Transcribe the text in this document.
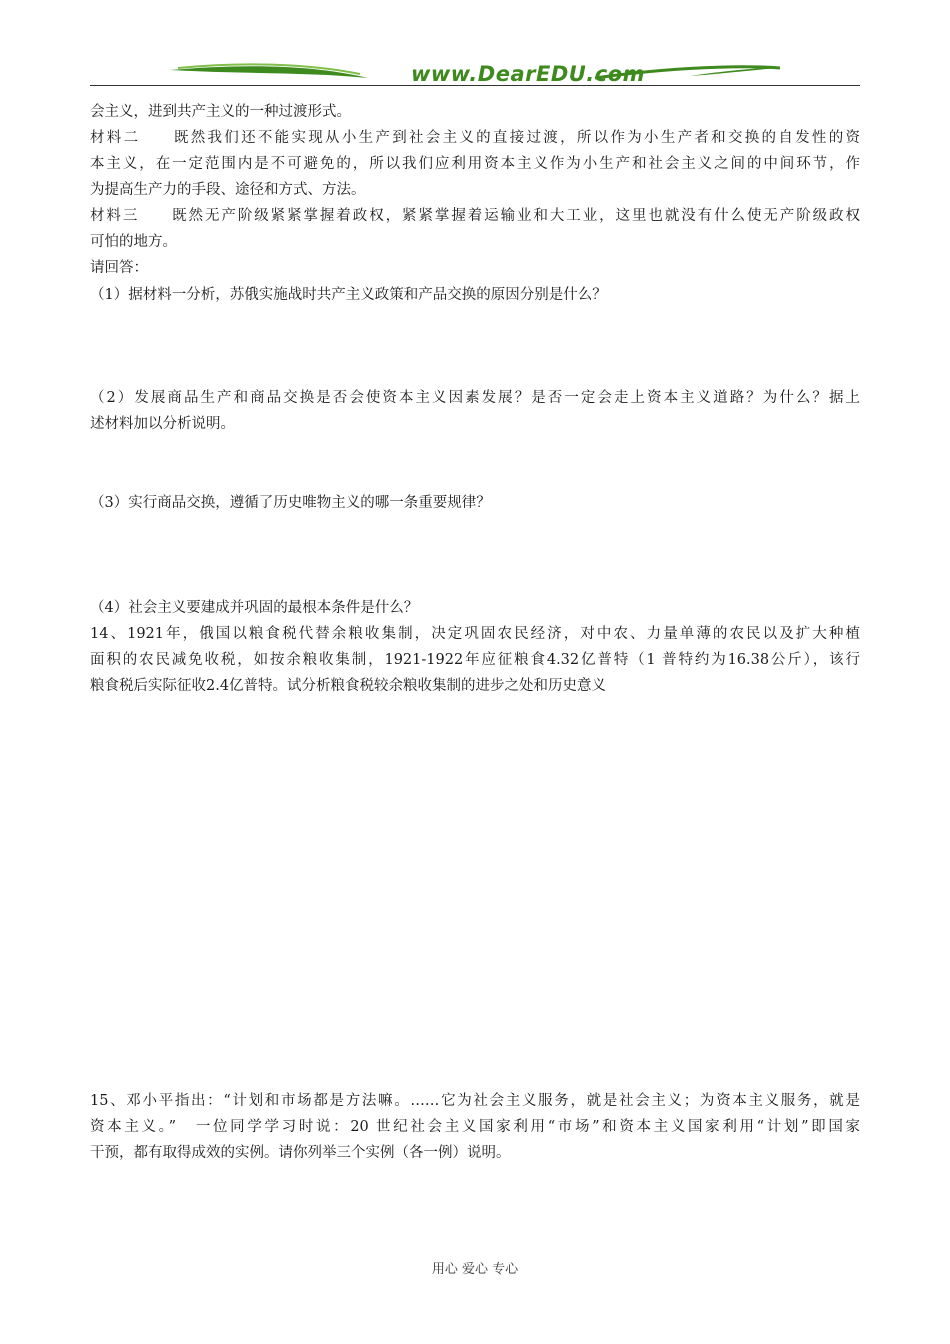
www.DearEDU.com
会主义，进到共产主义的一种过渡形式。
材料二　　既然我们还不能实现从小生产到社会主义的直接过渡，所以作为小生产者和交换的自发性的资
本主义，在一定范围内是不可避免的，所以我们应利用资本主义作为小生产和社会主义之间的中间环节，作
为提高生产力的手段、途径和方式、方法。
材料三　　既然无产阶级紧紧掌握着政权，紧紧掌握着运输业和大工业，这里也就没有什么使无产阶级政权
可怕的地方。
请回答：
（1）据材料一分析，苏俄实施战时共产主义政策和产品交换的原因分别是什么？
（2）发展商品生产和商品交换是否会使资本主义因素发展？是否一定会走上资本主义道路？为什么？据上
述材料加以分析说明。
（3）实行商品交换，遵循了历史唯物主义的哪一条重要规律？
（4）社会主义要建成并巩固的最根本条件是什么？
14、1921年，俄国以粮食税代替余粮收集制，决定巩固农民经济，对中农、力量单薄的农民以及扩大种植
面积的农民减免收税，如按余粮收集制，1921-1922年应征粮食4.32亿普特（1 普特约为16.38公斤），该行
粮食税后实际征收2.4亿普特。试分析粮食税较余粮收集制的进步之处和历史意义
15、邓小平指出：“计划和市场都是方法嘛。……它为社会主义服务，就是社会主义；为资本主义服务，就是
资本主义。”　一位同学学习时说：20 世纪社会主义国家利用“市场”和资本主义国家利用“计划”即国家
干预，都有取得成效的实例。请你列举三个实例（各一例）说明。
用心 爱心 专心
